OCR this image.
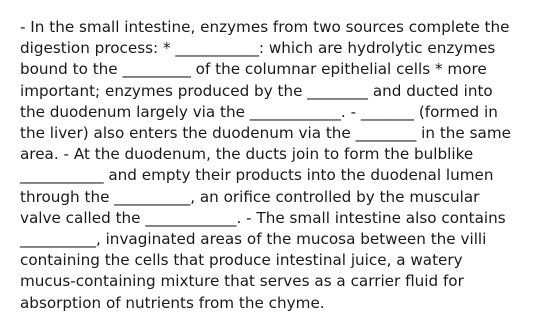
- In the small intestine, enzymes from two sources complete the
digestion process: * ___________: which are hydrolytic enzymes
bound to the _________ of the columnar epithelial cells * more
important; enzymes produced by the ________ and ducted into
the duodenum largely via the ____________. - _______ (formed in
the liver) also enters the duodenum via the ________ in the same
area. - At the duodenum, the ducts join to form the bulblike
___________ and empty their products into the duodenal lumen
through the __________, an orifice controlled by the muscular
valve called the ____________. - The small intestine also contains
__________, invaginated areas of the mucosa between the villi
containing the cells that produce intestinal juice, a watery
mucus-containing mixture that serves as a carrier fluid for
absorption of nutrients from the chyme.
